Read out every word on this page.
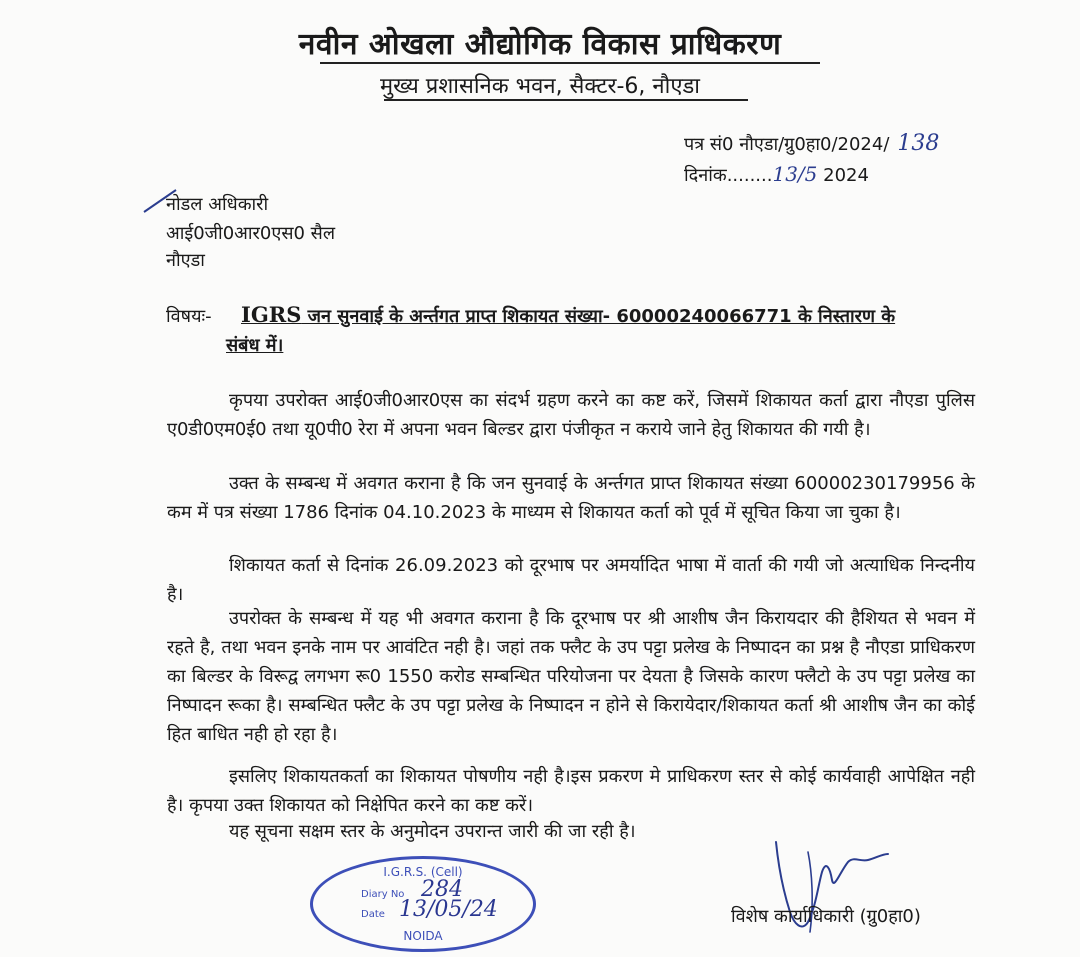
नवीन ओखला औद्योगिक विकास प्राधिकरण
मुख्य प्रशासनिक भवन, सैक्टर-6, नौएडा
पत्र सं0 नौएडा/ग्रु0हा0/2024/ 138
दिनांक........13/5 2024
नोडल अधिकारी
आई0जी0आर0एस0 सैल
नौएडा
विषयः- IGRS जन सुनवाई के अर्न्तगत प्राप्त शिकायत संख्या- 60000240066771 के निस्तारण के
संबंध में।
कृपया उपरोक्त आई0जी0आर0एस का संदर्भ ग्रहण करने का कष्ट करें, जिसमें शिकायत कर्ता द्वारा नौएडा पुलिस ए0डी0एम0ई0 तथा यू0पी0 रेरा में अपना भवन बिल्डर द्वारा पंजीकृत न कराये जाने हेतु शिकायत की गयी है।
उक्त के सम्बन्ध में अवगत कराना है कि जन सुनवाई के अर्न्तगत प्राप्त शिकायत संख्या 60000230179956 के कम में पत्र संख्या 1786 दिनांक 04.10.2023 के माध्यम से शिकायत कर्ता को पूर्व में सूचित किया जा चुका है।
शिकायत कर्ता से दिनांक 26.09.2023 को दूरभाष पर अमर्यादित भाषा में वार्ता की गयी जो अत्याधिक निन्दनीय है।
उपरोक्त के सम्बन्ध में यह भी अवगत कराना है कि दूरभाष पर श्री आशीष जैन किरायदार की हैशियत से भवन में रहते है, तथा भवन इनके नाम पर आवंटित नही है। जहां तक फ्लैट के उप पट्टा प्रलेख के निष्पादन का प्रश्न है नौएडा प्राधिकरण का बिल्डर के विरूद्व लगभग रू0 1550 करोड सम्बन्धित परियोजना पर देयता है जिसके कारण फ्लैटो के उप पट्टा प्रलेख का निष्पादन रूका है। सम्बन्धित फ्लैट के उप पट्टा प्रलेख के निष्पादन न होने से किरायेदार/शिकायत कर्ता श्री आशीष जैन का कोई हित बाधित नही हो रहा है।
इसलिए शिकायतकर्ता का शिकायत पोषणीय नही है।इस प्रकरण मे प्राधिकरण स्तर से कोई कार्यवाही आपेक्षित नही है। कृपया उक्त शिकायत को निक्षेपित करने का कष्ट करें।
यह सूचना सक्षम स्तर के अनुमोदन उपरान्त जारी की जा रही है।
I.G.R.S. (Cell)
Diary No 284
Date 13/05/24
NOIDA
विशेष कार्याधिकारी (ग्रु0हा0)
